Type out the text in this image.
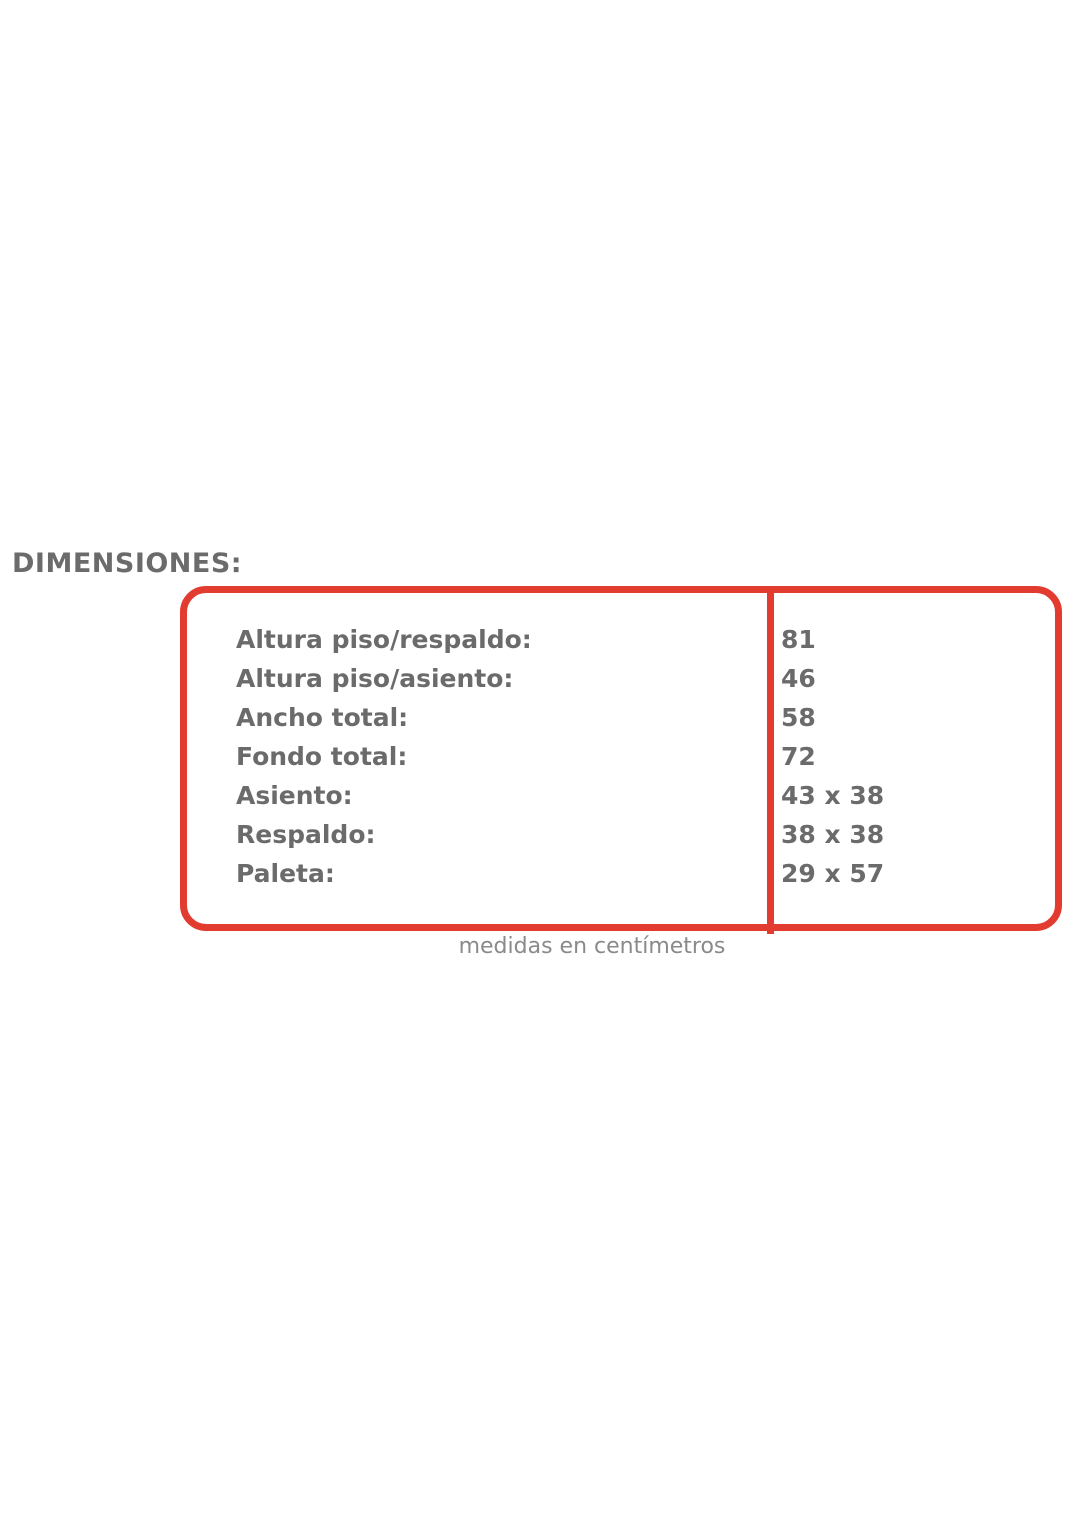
DIMENSIONES:
Altura piso/respaldo:	81
Altura piso/asiento:	46
Ancho total:	58
Fondo total:	72
Asiento:	43 x 38
Respaldo:	38 x 38
Paleta:	29 x 57
medidas en centímetros
